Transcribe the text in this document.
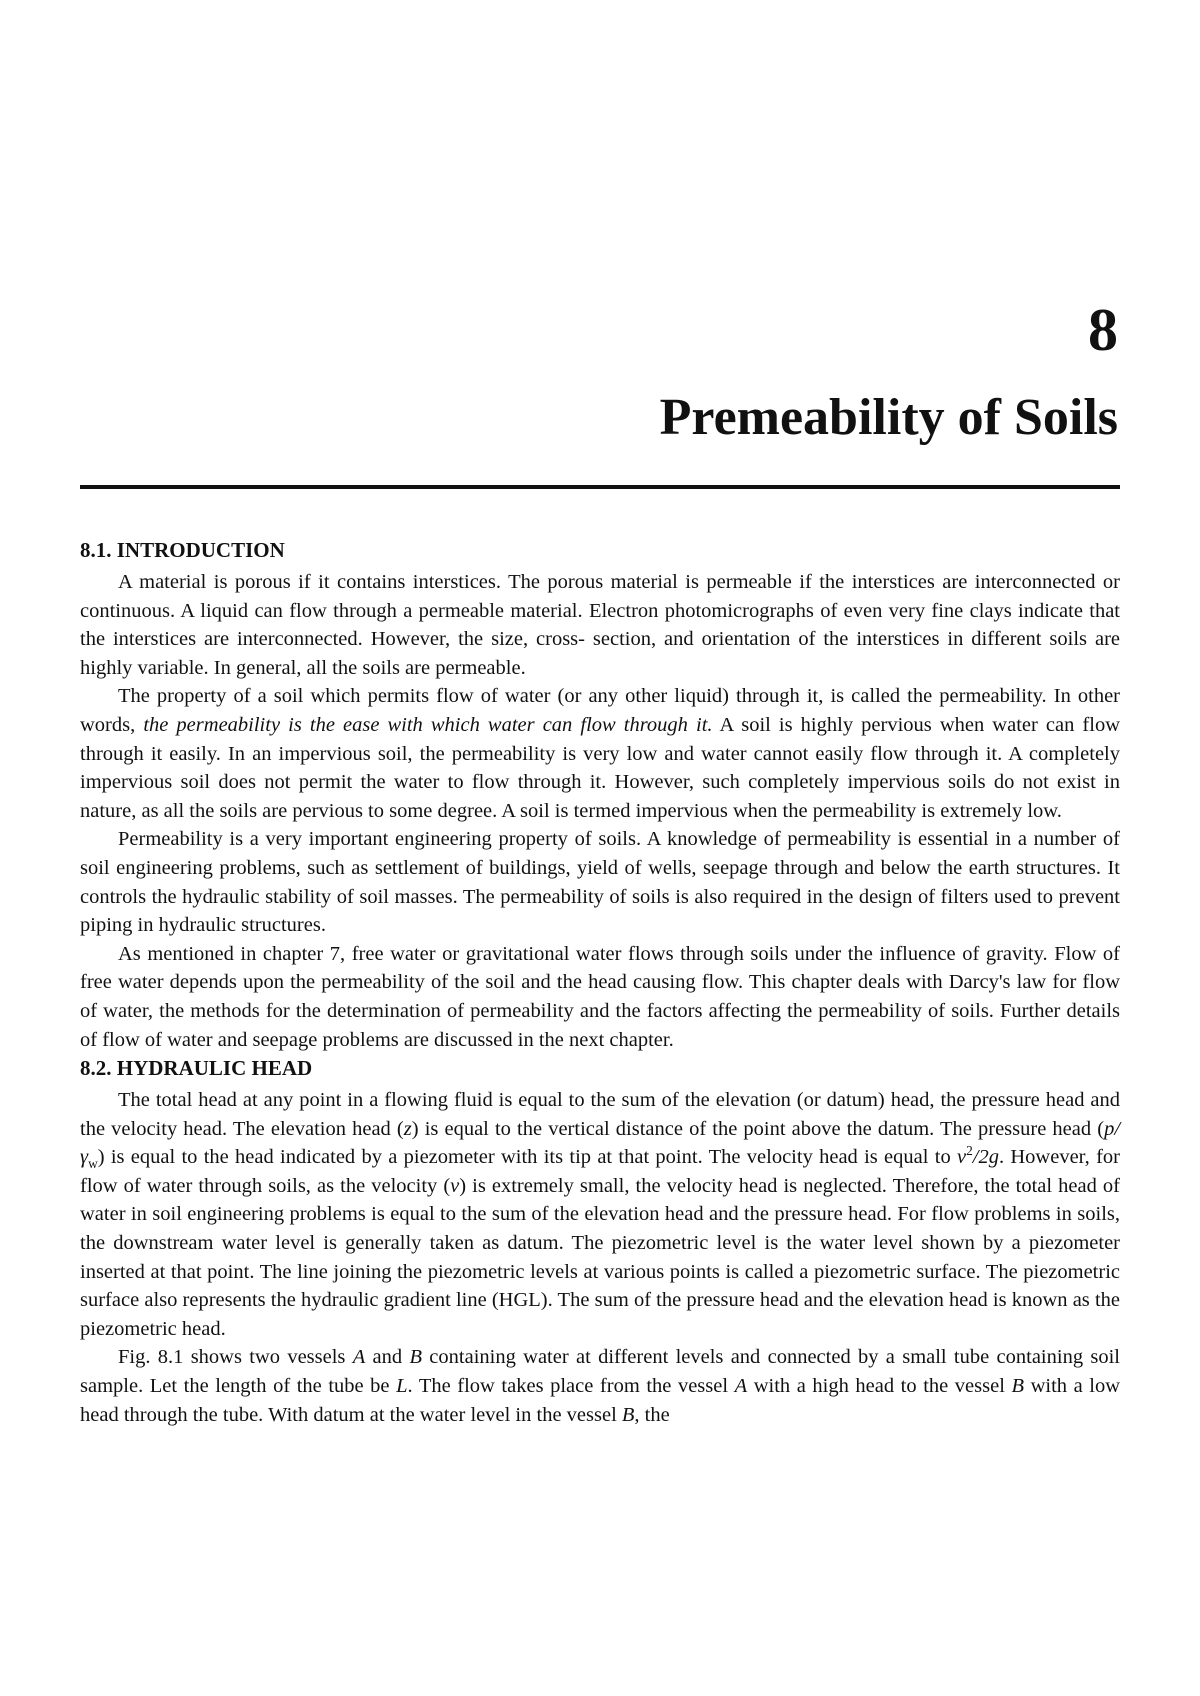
8
Premeability of Soils
8.1. INTRODUCTION

A material is porous if it contains interstices. The porous material is permeable if the interstices are interconnected or continuous. A liquid can flow through a permeable material. Electron photomicrographs of even very fine clays indicate that the interstices are interconnected. However, the size, cross- section, and orientation of the interstices in different soils are highly variable. In general, all the soils are permeable.

The property of a soil which permits flow of water (or any other liquid) through it, is called the permeability. In other words, the permeability is the ease with which water can flow through it. A soil is highly pervious when water can flow through it easily. In an impervious soil, the permeability is very low and water cannot easily flow through it. A completely impervious soil does not permit the water to flow through it. However, such completely impervious soils do not exist in nature, as all the soils are pervious to some degree. A soil is termed impervious when the permeability is extremely low.

Permeability is a very important engineering property of soils. A knowledge of permeability is essential in a number of soil engineering problems, such as settlement of buildings, yield of wells, seepage through and below the earth structures. It controls the hydraulic stability of soil masses. The permeability of soils is also required in the design of filters used to prevent piping in hydraulic structures.

As mentioned in chapter 7, free water or gravitational water flows through soils under the influence of gravity. Flow of free water depends upon the permeability of the soil and the head causing flow. This chapter deals with Darcy's law for flow of water, the methods for the determination of permeability and the factors affecting the permeability of soils. Further details of flow of water and seepage problems are discussed in the next chapter.

8.2. HYDRAULIC HEAD

The total head at any point in a flowing fluid is equal to the sum of the elevation (or datum) head, the pressure head and the velocity head. The elevation head (z) is equal to the vertical distance of the point above the datum. The pressure head $(p/\gamma_w)$ is equal to the head indicated by a piezometer with its tip at that point. The velocity head is equal to $v^2/2g$. However, for flow of water through soils, as the velocity (v) is extremely small, the velocity head is neglected. Therefore, the total head of water in soil engineering problems is equal to the sum of the elevation head and the pressure head. For flow problems in soils, the downstream water level is generally taken as datum. The piezometric level is the water level shown by a piezometer inserted at that point. The line joining the piezometric levels at various points is called a piezometric surface. The piezometric surface also represents the hydraulic gradient line (HGL). The sum of the pressure head and the elevation head is known as the piezometric head.

Fig. 8.1 shows two vessels A and B containing water at different levels and connected by a small tube containing soil sample. Let the length of the tube be L. The flow takes place from the vessel A with a high head to the vessel B with a low head through the tube. With datum at the water level in the vessel B, the
